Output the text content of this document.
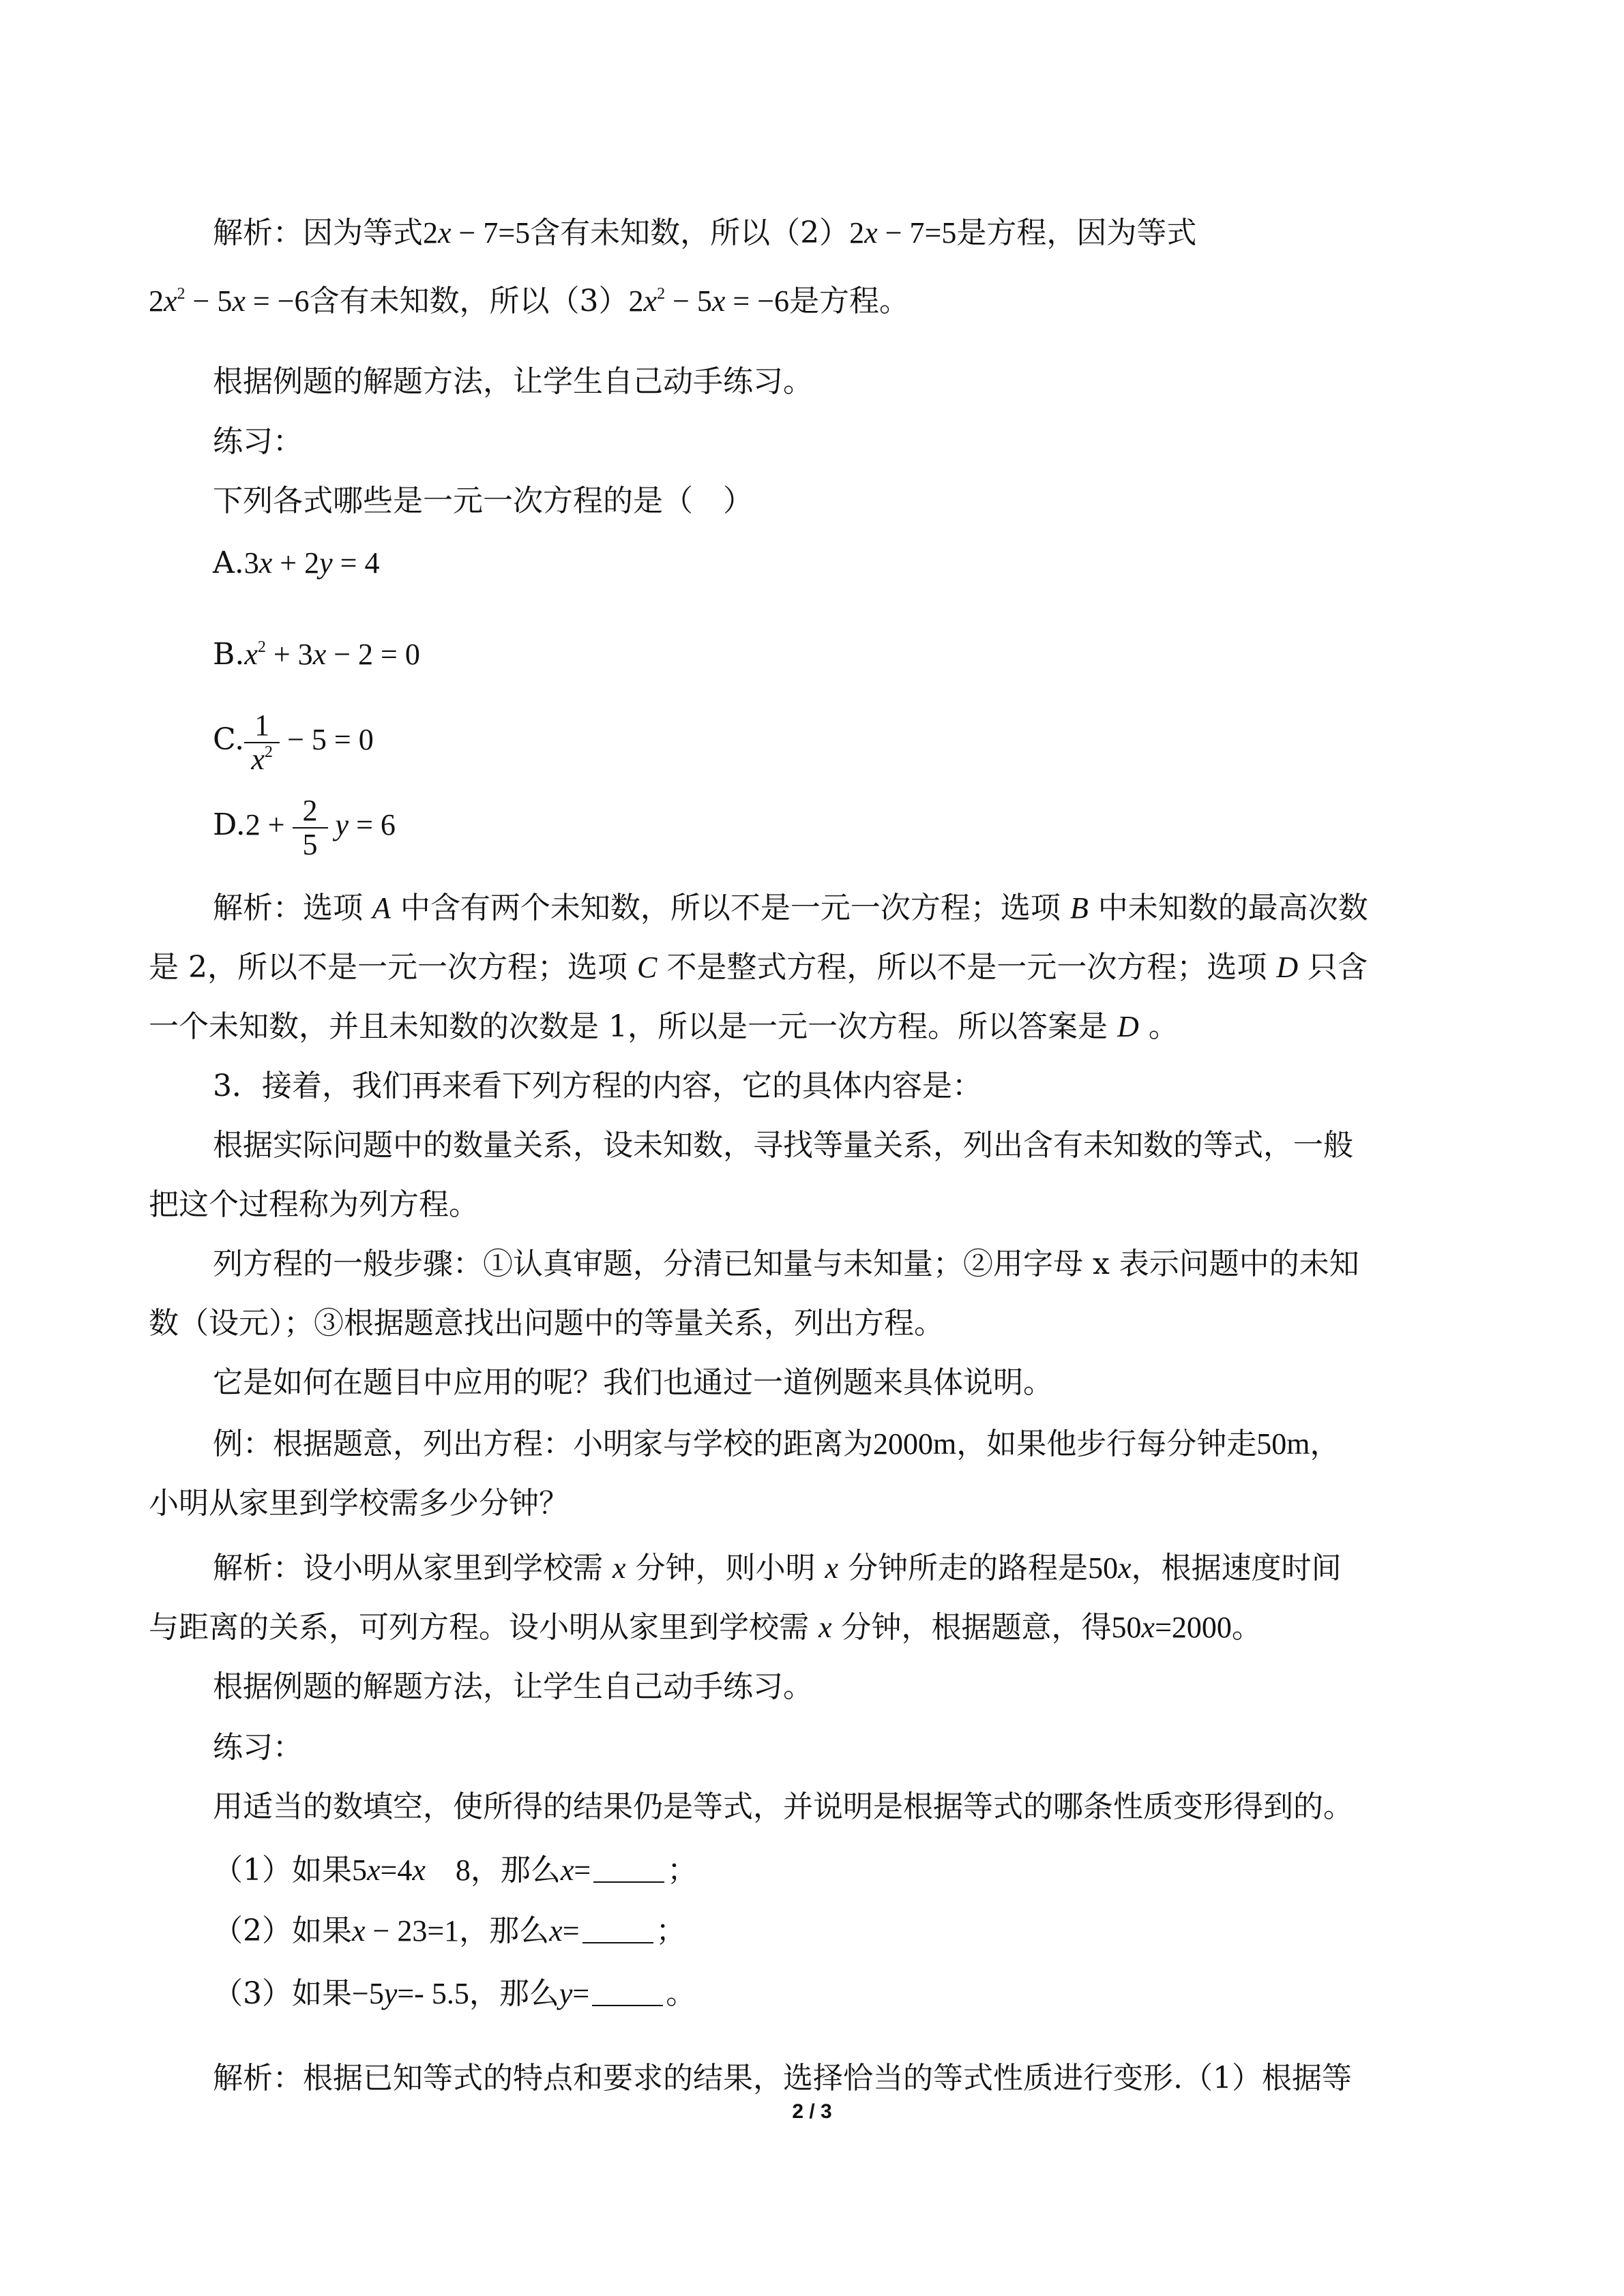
解析：因为等式2x − 7=5含有未知数，所以（2）2x − 7=5是方程，因为等式
$2x^2 - 5x = -6$含有未知数，所以$(3)2x^2 - 5x = -6$是方程。
根据例题的解题方法，让学生自己动手练习。
练习：
下列各式哪些是一元一次方程的是（　）
A.3x + 2y = 4
$B.x^2 + 3x - 2 = 0$
C. $\frac{1}{x^2} - 5 = 0$
$D.2 + \frac{2}{5}$ y = 6
解析：选项 A 中含有两个未知数，所以不是一元一次方程；选项 B 中未知数的最高次数
是 2，所以不是一元一次方程；选项 C 不是整式方程，所以不是一元一次方程；选项 D 只含
一个未知数，并且未知数的次数是 1，所以是一元一次方程。所以答案是 D 。
3．接着，我们再来看下列方程的内容，它的具体内容是：
根据实际问题中的数量关系，设未知数，寻找等量关系，列出含有未知数的等式，一般
把这个过程称为列方程。
列方程的一般步骤：①认真审题，分清已知量与未知量；②用字母 x 表示问题中的未知
数（设元）；③根据题意找出问题中的等量关系，列出方程。
它是如何在题目中应用的呢？我们也通过一道例题来具体说明。
例：根据题意，列出方程：小明家与学校的距离为2000m，如果他步行每分钟走50m，
小明从家里到学校需多少分钟？
解析：设小明从家里到学校需 x 分钟，则小明 x 分钟所走的路程是50x，根据速度时间
与距离的关系，可列方程。设小明从家里到学校需 x 分钟，根据题意，得50x=2000。
根据例题的解题方法，让学生自己动手练习。
练习：
用适当的数填空，使所得的结果仍是等式，并说明是根据等式的哪条性质变形得到的。
（1）如果5x=4x　8，那么x=	；
（2）如果x − 23=1，那么x=	；
（3）如果−5y=- 5.5，那么y=	。
解析：根据已知等式的特点和要求的结果，选择恰当的等式性质进行变形.（1）根据等
2 / 3
